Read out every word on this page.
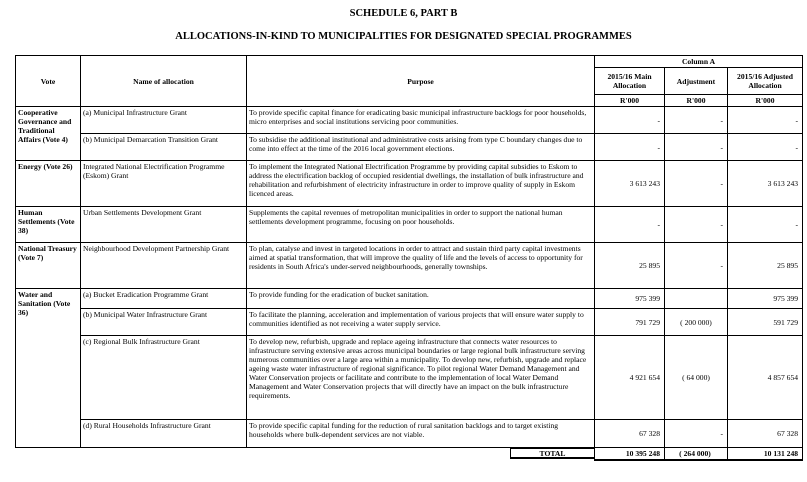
SCHEDULE 6, PART B
ALLOCATIONS-IN-KIND TO MUNICIPALITIES FOR DESIGNATED SPECIAL PROGRAMMES
Vote	Name of allocation	Purpose	Column A		
			2015/16 Main Allocation	Adjustment	2015/16 Adjusted Allocation
			R'000	R'000	R'000
Cooperative Governance and Traditional Affairs (Vote 4)	(a) Municipal Infrastructure Grant	To provide specific capital finance for eradicating basic municipal infrastructure backlogs for poor households, micro enterprises and social institutions servicing poor communities.	-	-	-
	(b) Municipal Demarcation Transition Grant	To subsidise the additional institutional and administrative costs arising from type C boundary changes due to come into effect at the time of the 2016 local government elections.	-	-	-
Energy (Vote 26)	Integrated National Electrification Programme (Eskom) Grant	To implement the Integrated National Electrification Programme by providing capital subsidies to Eskom to address the electrification backlog of occupied residential dwellings, the installation of bulk infrastructure and rehabilitation and refurbishment of electricity infrastructure in order to improve quality of supply in Eskom licenced areas.	3 613 243	-	3 613 243
Human Settlements (Vote 38)	Urban Settlements Development Grant	Supplements the capital revenues of metropolitan municipalities in order to support the national human settlements development programme, focusing on poor households.	-	-	-
National Treasury (Vote 7)	Neighbourhood Development Partnership Grant	To plan, catalyse and invest in targeted locations in order to attract and sustain third party capital investments aimed at spatial transformation, that will improve the quality of life and the levels of access to opportunity for residents in South Africa's under-served neighbourhoods, generally townships.	25 895	-	25 895
Water and Sanitation (Vote 36)	(a) Bucket Eradication Programme Grant	To provide funding for the eradication of bucket sanitation.	975 399		975 399
	(b) Municipal Water Infrastructure Grant	To facilitate the planning, acceleration and implementation of various projects that will ensure water supply to communities identified as not receiving a water supply service.	791 729	( 200 000)	591 729
	(c) Regional Bulk Infrastructure Grant	To develop new, refurbish, upgrade and replace ageing infrastructure that connects water resources to infrastructure serving extensive areas across municipal boundaries or large regional bulk infrastructure serving numerous communities over a large area within a municipality. To develop new, refurbish, upgrade and replace ageing waste water infrastructure of regional significance. To pilot regional Water Demand Management and Water Conservation projects or facilitate and contribute to the implementation of local Water Demand Management and Water Conservation projects that will directly have an impact on the bulk infrastructure requirements.	4 921 654	( 64 000)	4 857 654
	(d) Rural Households Infrastructure Grant	To provide specific capital funding for the reduction of rural sanitation backlogs and to target existing households where bulk-dependent services are not viable.	67 328	-	67 328

		TOTAL	10 395 248	( 264 000)	10 131 248
